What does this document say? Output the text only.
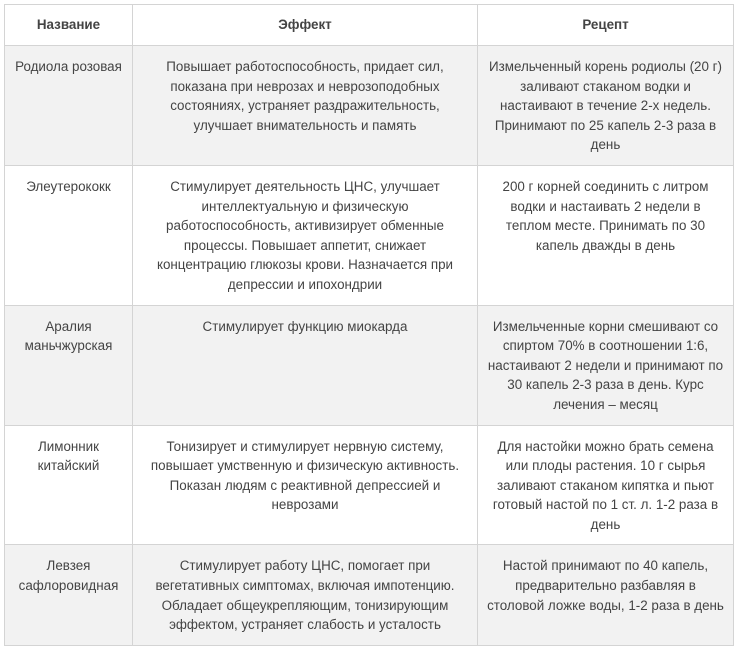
Название	Эффект	Рецепт
Родиола розовая	Повышает работоспособность, придает сил, показана при неврозах и неврозоподобных состояниях, устраняет раздражительность, улучшает внимательность и память	Измельченный корень родиолы (20 г) заливают стаканом водки и настаивают в течение 2-х недель. Принимают по 25 капель 2-3 раза в день
Элеутерококк	Стимулирует деятельность ЦНС, улучшает интеллектуальную и физическую работоспособность, активизирует обменные процессы. Повышает аппетит, снижает концентрацию глюкозы крови. Назначается при депрессии и ипохондрии	200 г корней соединить с литром водки и настаивать 2 недели в теплом месте. Принимать по 30 капель дважды в день
Аралия маньчжурская	Стимулирует функцию миокарда	Измельченные корни смешивают со спиртом 70% в соотношении 1:6, настаивают 2 недели и принимают по 30 капель 2-3 раза в день. Курс лечения – месяц
Лимонник китайский	Тонизирует и стимулирует нервную систему, повышает умственную и физическую активность. Показан людям с реактивной депрессией и неврозами	Для настойки можно брать семена или плоды растения. 10 г сырья заливают стаканом кипятка и пьют готовый настой по 1 ст. л. 1-2 раза в день
Левзея сафлоровидная	Стимулирует работу ЦНС, помогает при вегетативных симптомах, включая импотенцию. Обладает общеукрепляющим, тонизирующим эффектом, устраняет слабость и усталость	Настой принимают по 40 капель, предварительно разбавляя в столовой ложке воды, 1-2 раза в день
